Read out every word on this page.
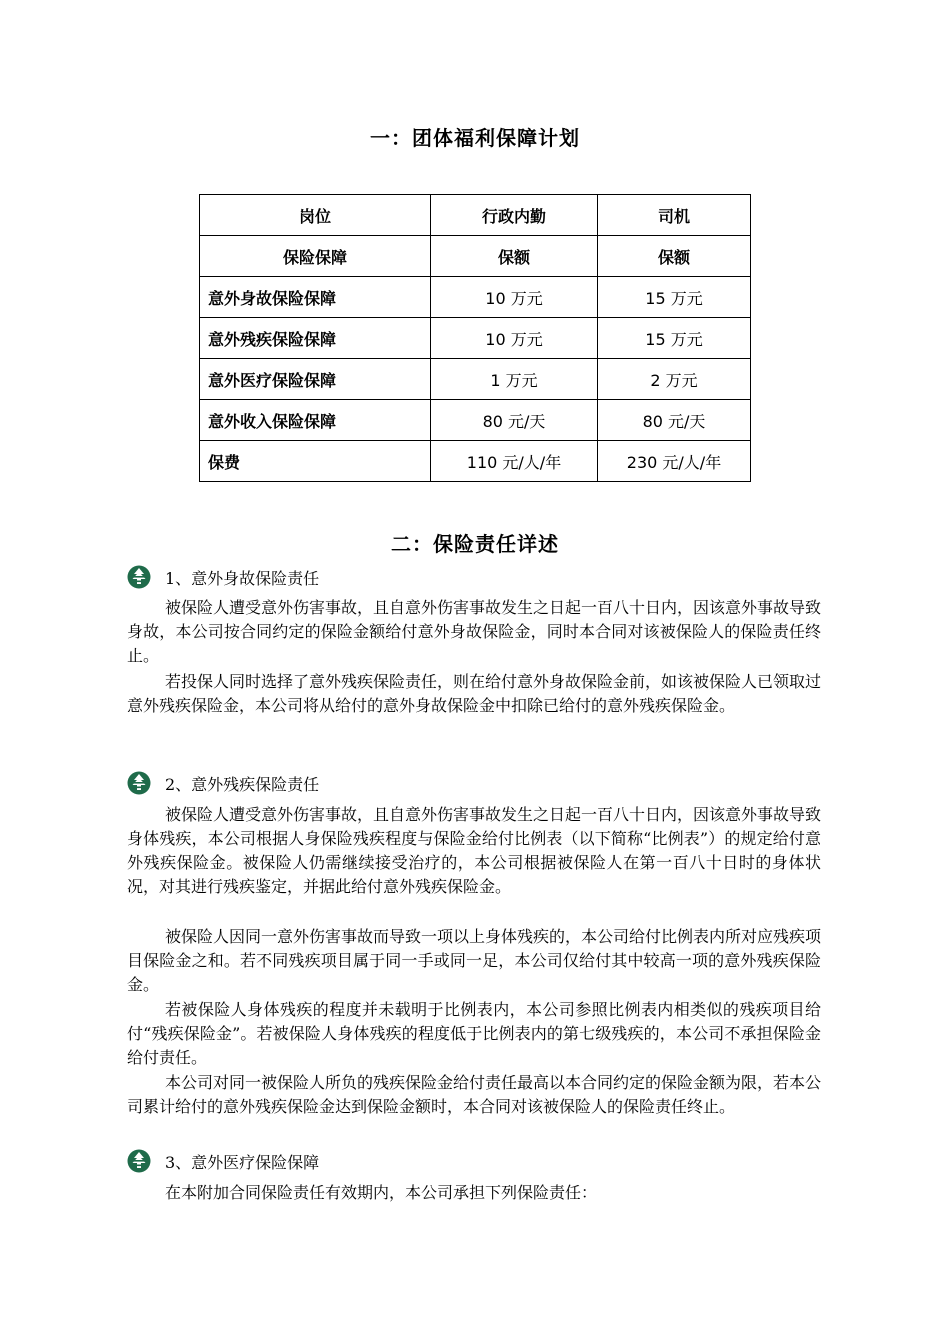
一：团体福利保障计划
岗位	行政内勤	司机
保险保障	保额	保额
意外身故保险保障	10 万元	15 万元
意外残疾保险保障	10 万元	15 万元
意外医疗保险保障	1 万元	2 万元
意外收入保险保障	80 元/天	80 元/天
保费	110 元/人/年	230 元/人/年
二：保险责任详述
1、意外身故保险责任

被保险人遭受意外伤害事故，且自意外伤害事故发生之日起一百八十日内，因该意外事故导致身故，本公司按合同约定的保险金额给付意外身故保险金，同时本合同对该被保险人的保险责任终止。

若投保人同时选择了意外残疾保险责任，则在给付意外身故保险金前，如该被保险人已领取过意外残疾保险金，本公司将从给付的意外身故保险金中扣除已给付的意外残疾保险金。

2、意外残疾保险责任

被保险人遭受意外伤害事故，且自意外伤害事故发生之日起一百八十日内，因该意外事故导致身体残疾，本公司根据人身保险残疾程度与保险金给付比例表（以下简称“比例表”）的规定给付意外残疾保险金。被保险人仍需继续接受治疗的，本公司根据被保险人在第一百八十日时的身体状况，对其进行残疾鉴定，并据此给付意外残疾保险金。

被保险人因同一意外伤害事故而导致一项以上身体残疾的，本公司给付比例表内所对应残疾项目保险金之和。若不同残疾项目属于同一手或同一足，本公司仅给付其中较高一项的意外残疾保险金。

若被保险人身体残疾的程度并未载明于比例表内，本公司参照比例表内相类似的残疾项目给付“残疾保险金”。若被保险人身体残疾的程度低于比例表内的第七级残疾的，本公司不承担保险金给付责任。

本公司对同一被保险人所负的残疾保险金给付责任最高以本合同约定的保险金额为限，若本公司累计给付的意外残疾保险金达到保险金额时，本合同对该被保险人的保险责任终止。

3、意外医疗保险保障

在本附加合同保险责任有效期内，本公司承担下列保险责任：
